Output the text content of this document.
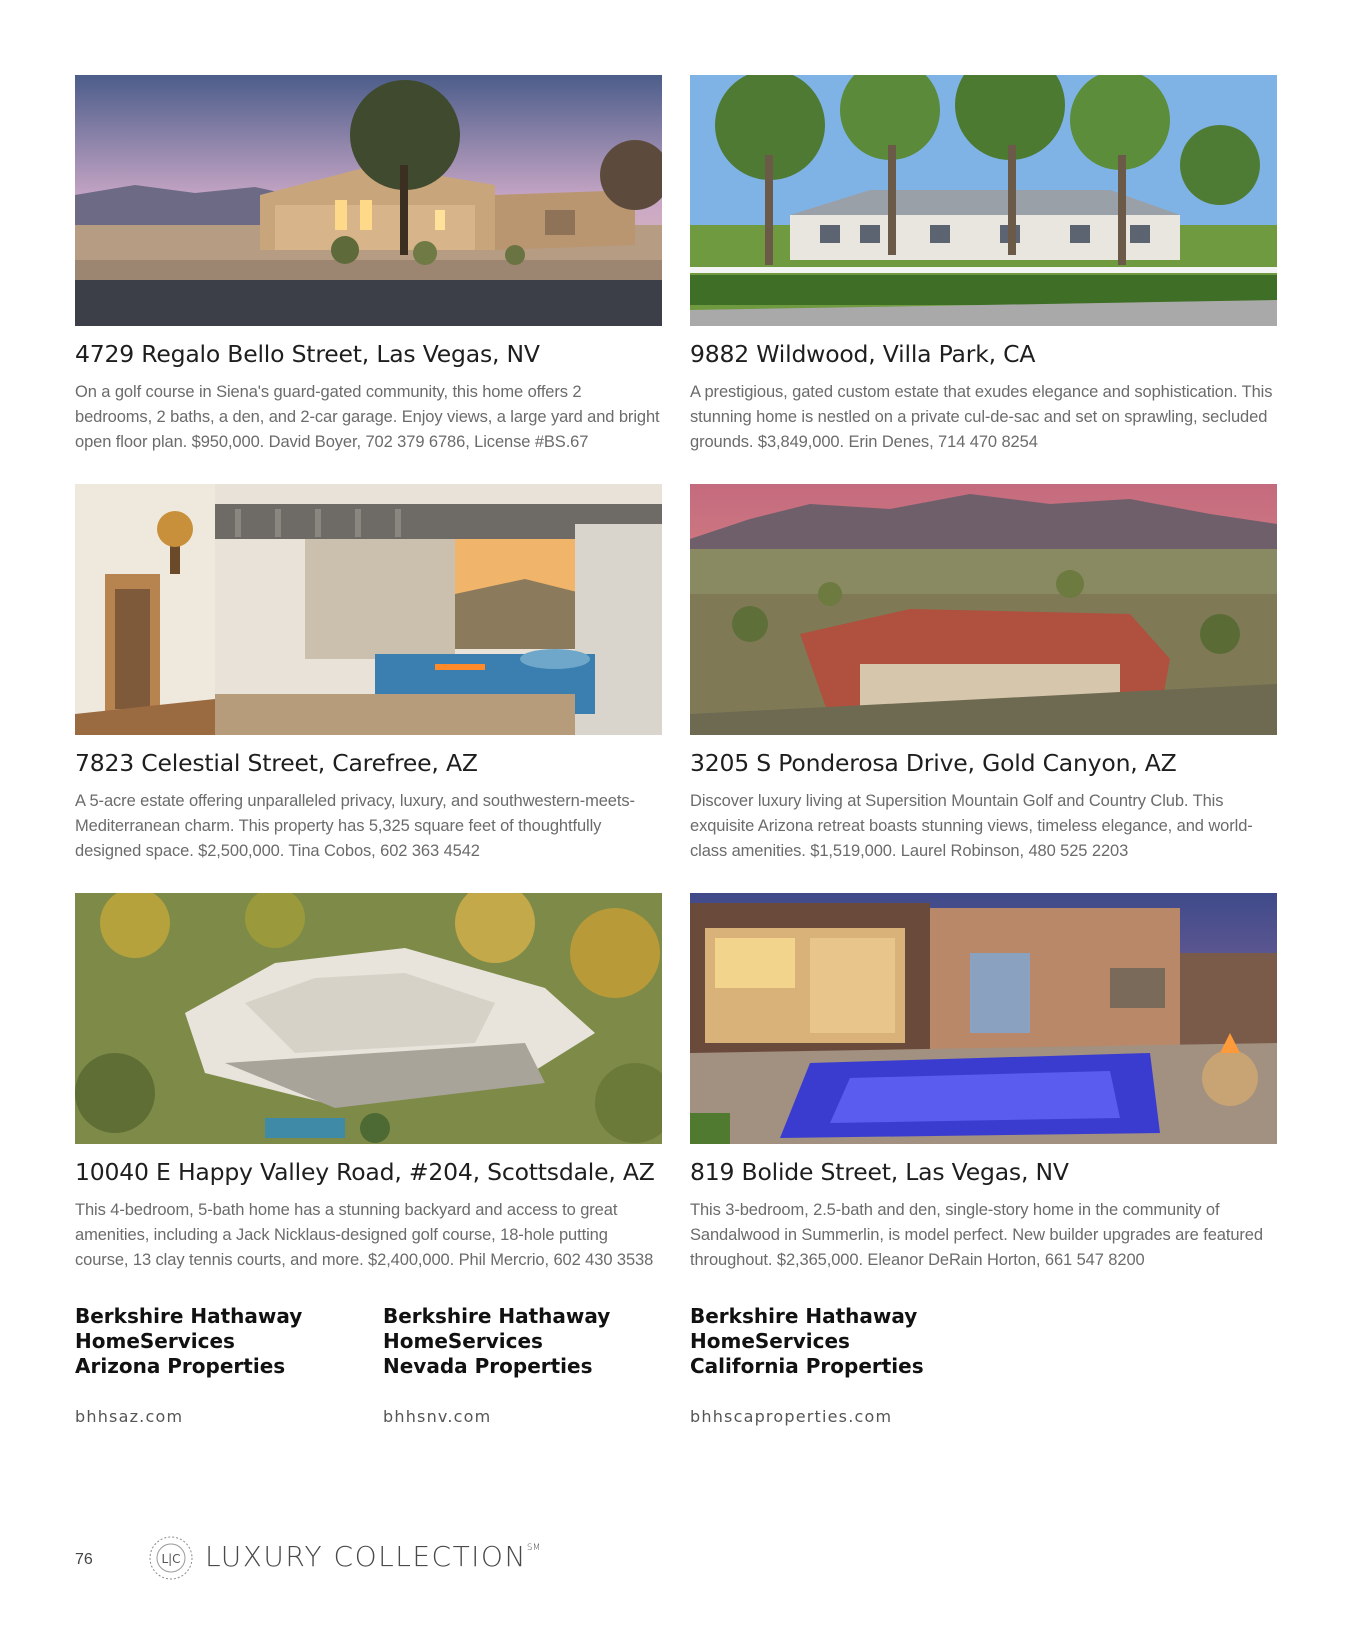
4729 Regalo Bello Street, Las Vegas, NV

On a golf course in Siena's guard-gated community, this home offers 2 bedrooms, 2 baths, a den, and 2-car garage. Enjoy views, a large yard and bright open floor plan. $950,000. David Boyer, 702 379 6786, License #BS.67

9882 Wildwood, Villa Park, CA

A prestigious, gated custom estate that exudes elegance and sophistication. This stunning home is nestled on a private cul-de-sac and set on sprawling, secluded grounds. $3,849,000. Erin Denes, 714 470 8254

7823 Celestial Street, Carefree, AZ

A 5-acre estate offering unparalleled privacy, luxury, and southwestern-meets-Mediterranean charm. This property has 5,325 square feet of thoughtfully designed space. $2,500,000. Tina Cobos, 602 363 4542

3205 S Ponderosa Drive, Gold Canyon, AZ

Discover luxury living at Supersition Mountain Golf and Country Club. This exquisite Arizona retreat boasts stunning views, timeless elegance, and world-class amenities. $1,519,000. Laurel Robinson, 480 525 2203

10040 E Happy Valley Road, #204, Scottsdale, AZ

This 4-bedroom, 5-bath home has a stunning backyard and access to great amenities, including a Jack Nicklaus-designed golf course, 18-hole putting course, 13 clay tennis courts, and more. $2,400,000. Phil Mercrio, 602 430 3538

819 Bolide Street, Las Vegas, NV

This 3-bedroom, 2.5-bath and den, single-story home in the community of Sandalwood in Summerlin, is model perfect. New builder upgrades are featured throughout. $2,365,000. Eleanor DeRain Horton, 661 547 8200

Berkshire Hathaway
HomeServices
Arizona Properties
bhhsaz.com
Berkshire Hathaway
HomeServices
Nevada Properties
bhhsnv.com
Berkshire Hathaway
HomeServices
California Properties
bhhscaproperties.com
76	L|C LUXURY COLLECTION℠
